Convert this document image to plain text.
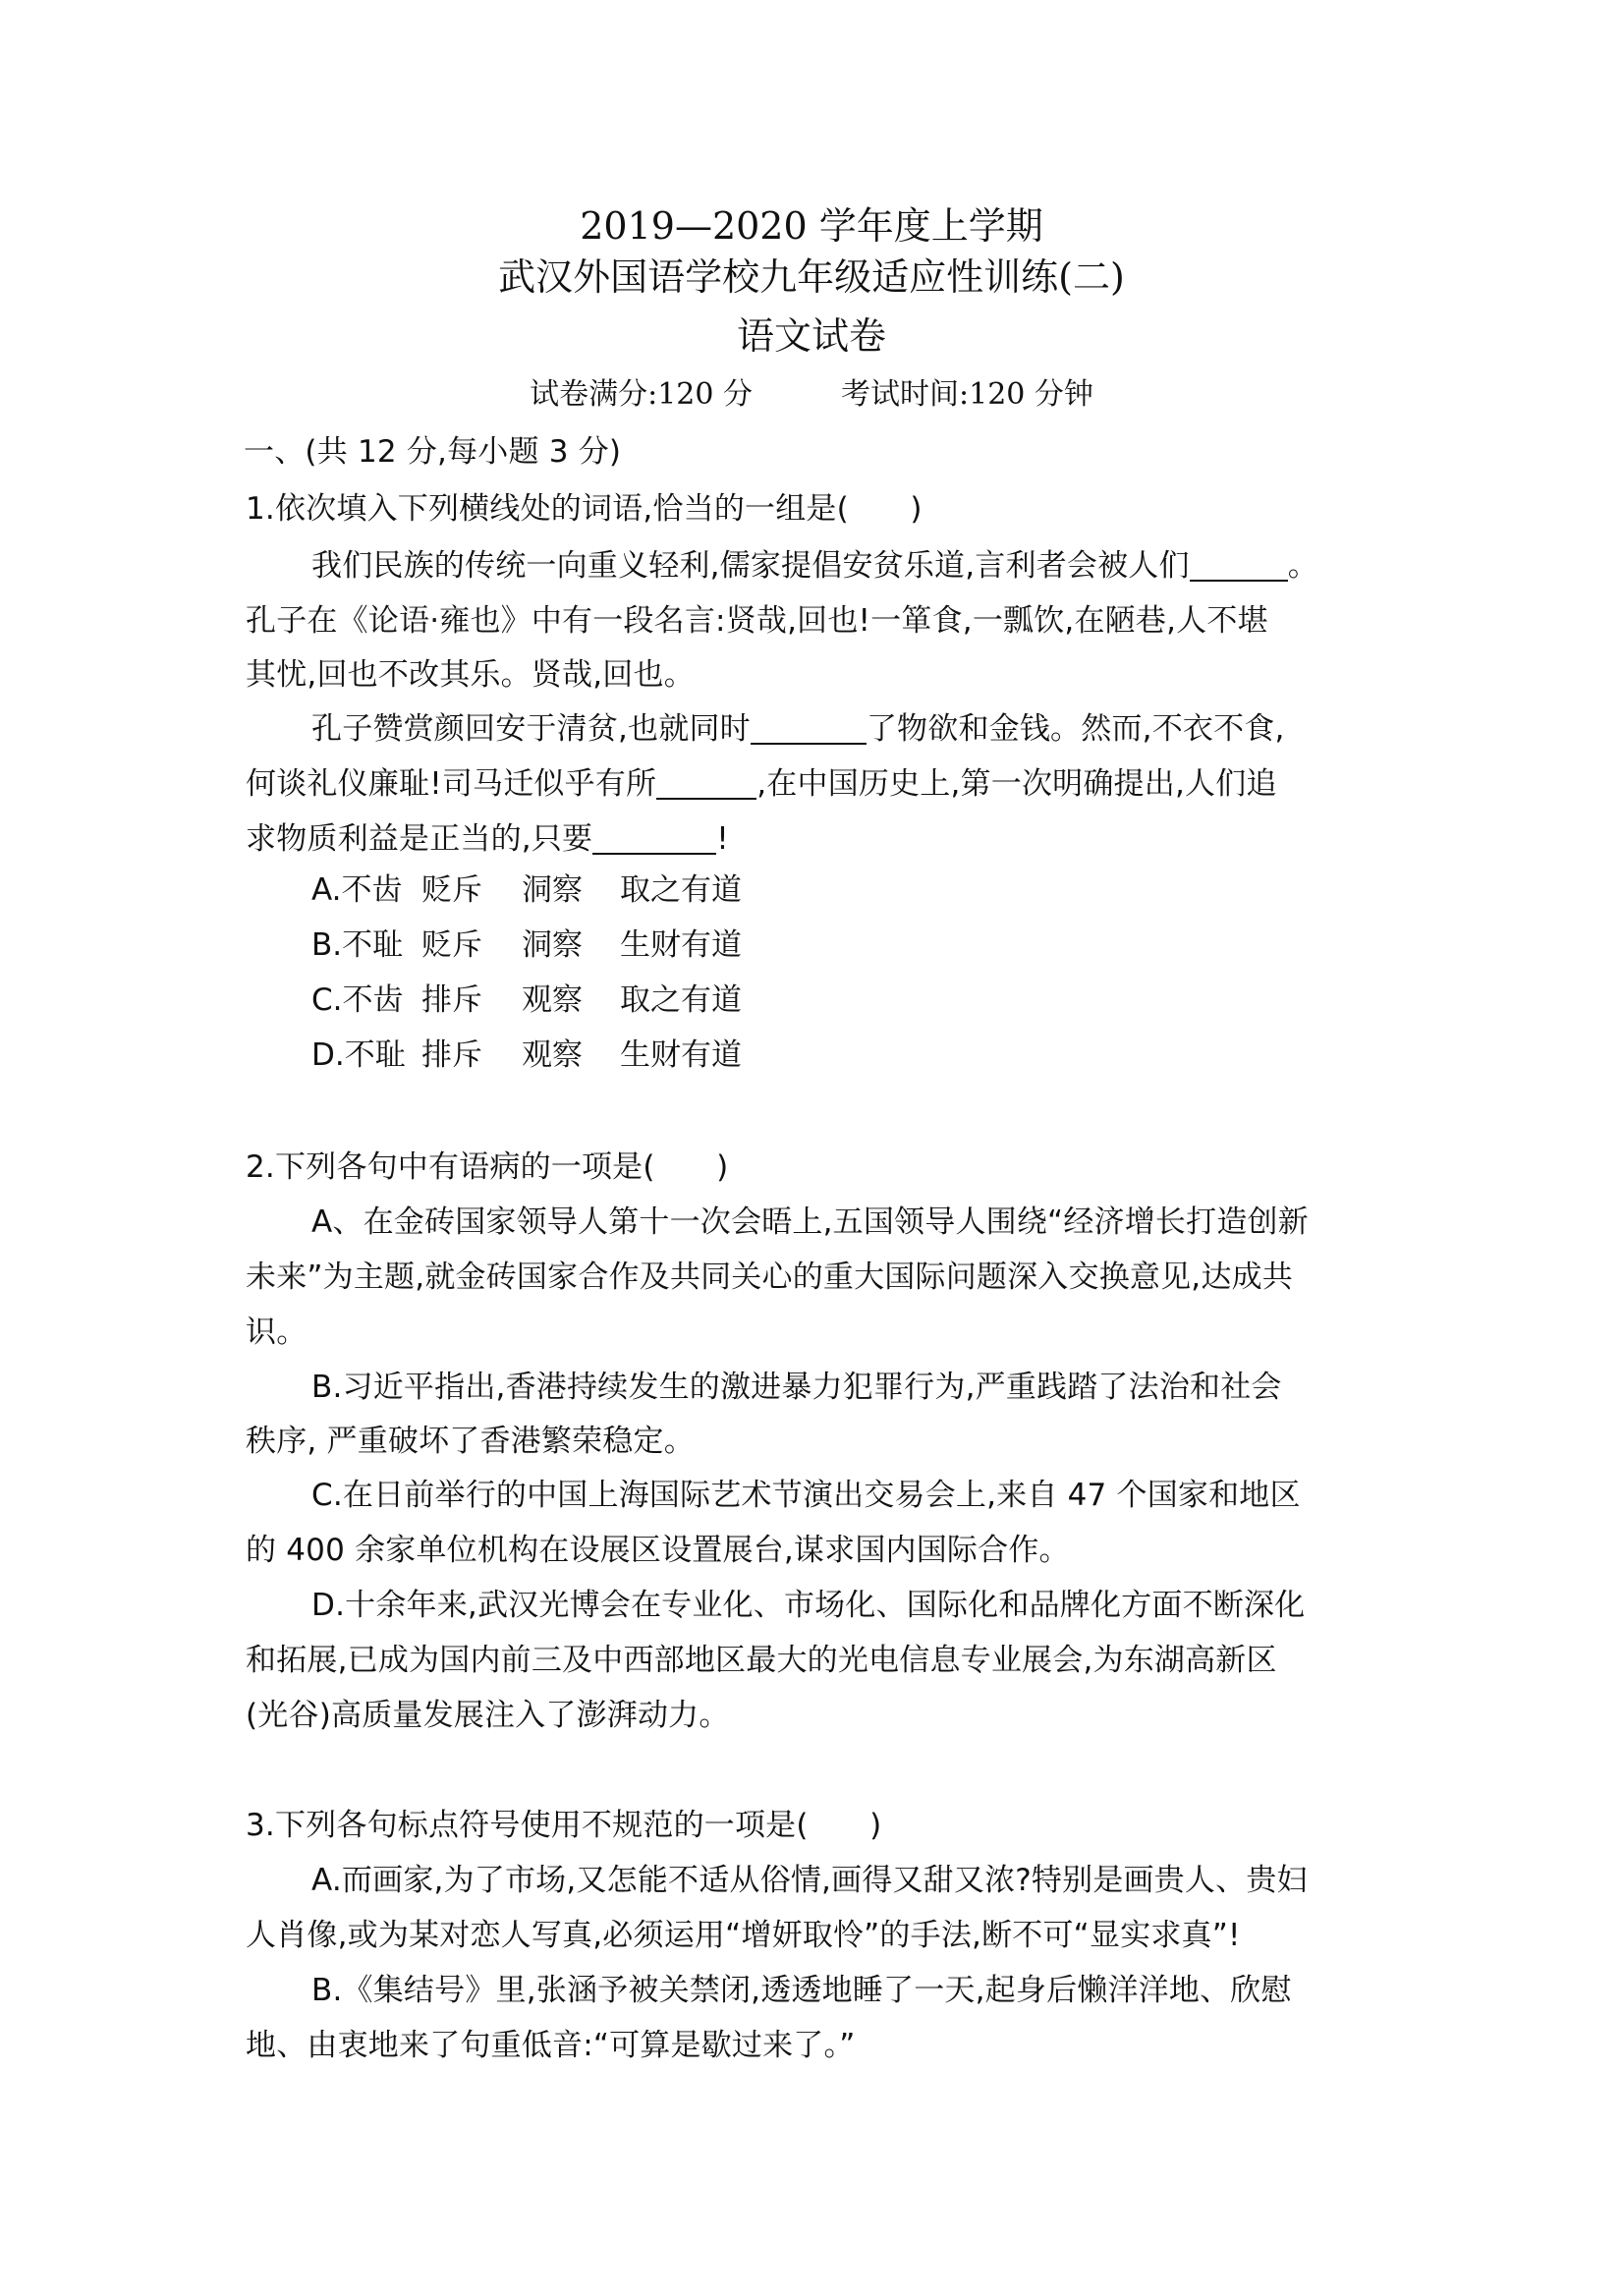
2019—2020 学年度上学期
武汉外国语学校九年级适应性训练(二)
语文试卷
试卷满分:120 分	考试时间:120 分钟
一、(共 12 分,每小题 3 分)
1.依次填入下列横线处的词语,恰当的一组是(　　)
我们民族的传统一向重义轻利,儒家提倡安贫乐道,言利者会被人们	。
孔子在《论语·雍也》中有一段名言:贤哉,回也!一箪食,一瓢饮,在陋巷,人不堪
其忧,回也不改其乐。贤哉,回也。
孔子赞赏颜回安于清贫,也就同时	了物欲和金钱。然而,不衣不食,
何谈礼仪廉耻!司马迁似乎有所	,在中国历史上,第一次明确提出,人们追
求物质利益是正当的,只要	!
A.不齿 贬斥 洞察 取之有道
B.不耻 贬斥 洞察 生财有道
C.不齿 排斥 观察 取之有道
D.不耻 排斥 观察 生财有道
2.下列各句中有语病的一项是(　　)
A、在金砖国家领导人第十一次会晤上,五国领导人围绕“经济增长打造创新
未来”为主题,就金砖国家合作及共同关心的重大国际问题深入交换意见,达成共
识。
B.习近平指出,香港持续发生的激进暴力犯罪行为,严重践踏了法治和社会
秩序, 严重破坏了香港繁荣稳定。
C.在日前举行的中国上海国际艺术节演出交易会上,来自 47 个国家和地区
的 400 余家单位机构在设展区设置展台,谋求国内国际合作。
D.十余年来,武汉光博会在专业化、市场化、国际化和品牌化方面不断深化
和拓展,已成为国内前三及中西部地区最大的光电信息专业展会,为东湖高新区
(光谷)高质量发展注入了澎湃动力。
3.下列各句标点符号使用不规范的一项是(　　)
A.而画家,为了市场,又怎能不适从俗情,画得又甜又浓?特别是画贵人、贵妇
人肖像,或为某对恋人写真,必须运用“增妍取怜”的手法,断不可“显实求真”!
B.《集结号》里,张涵予被关禁闭,透透地睡了一天,起身后懒洋洋地、欣慰
地、由衷地来了句重低音:“可算是歇过来了。”
